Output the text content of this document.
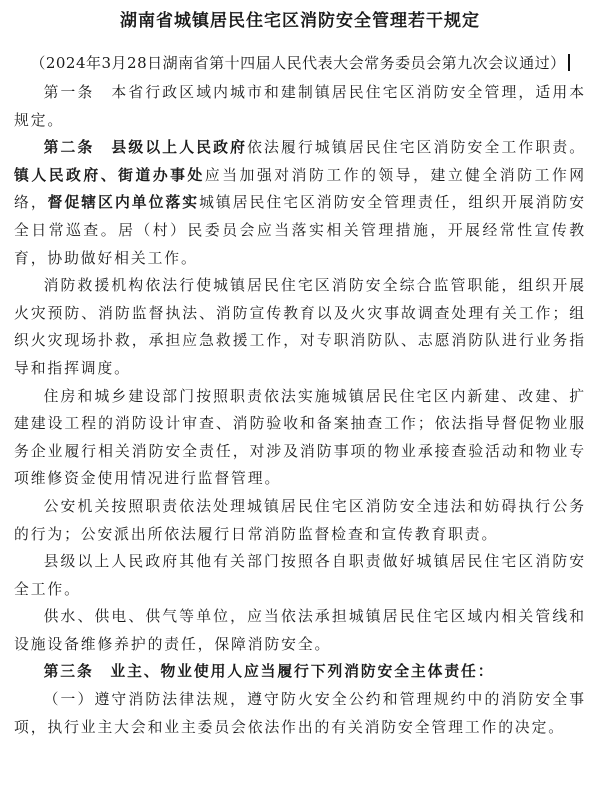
湖南省城镇居民住宅区消防安全管理若干规定
（2024年3月28日湖南省第十四届人民代表大会常务委员会第九次会议通过）

第一条　本省行政区域内城市和建制镇居民住宅区消防安全管理，适用本规定。

第二条　县级以上人民政府依法履行城镇居民住宅区消防安全工作职责。镇人民政府、街道办事处应当加强对消防工作的领导，建立健全消防工作网络，督促辖区内单位落实城镇居民住宅区消防安全管理责任，组织开展消防安全日常巡查。居（村）民委员会应当落实相关管理措施，开展经常性宣传教育，协助做好相关工作。

消防救援机构依法行使城镇居民住宅区消防安全综合监管职能，组织开展火灾预防、消防监督执法、消防宣传教育以及火灾事故调查处理有关工作；组织火灾现场扑救，承担应急救援工作，对专职消防队、志愿消防队进行业务指导和指挥调度。

住房和城乡建设部门按照职责依法实施城镇居民住宅区内新建、改建、扩建建设工程的消防设计审查、消防验收和备案抽查工作；依法指导督促物业服务企业履行相关消防安全责任，对涉及消防事项的物业承接查验活动和物业专项维修资金使用情况进行监督管理。

公安机关按照职责依法处理城镇居民住宅区消防安全违法和妨碍执行公务的行为；公安派出所依法履行日常消防监督检查和宣传教育职责。

县级以上人民政府其他有关部门按照各自职责做好城镇居民住宅区消防安全工作。

供水、供电、供气等单位，应当依法承担城镇居民住宅区域内相关管线和设施设备维修养护的责任，保障消防安全。

第三条　业主、物业使用人应当履行下列消防安全主体责任：

（一）遵守消防法律法规，遵守防火安全公约和管理规约中的消防安全事项，执行业主大会和业主委员会依法作出的有关消防安全管理工作的决定。
